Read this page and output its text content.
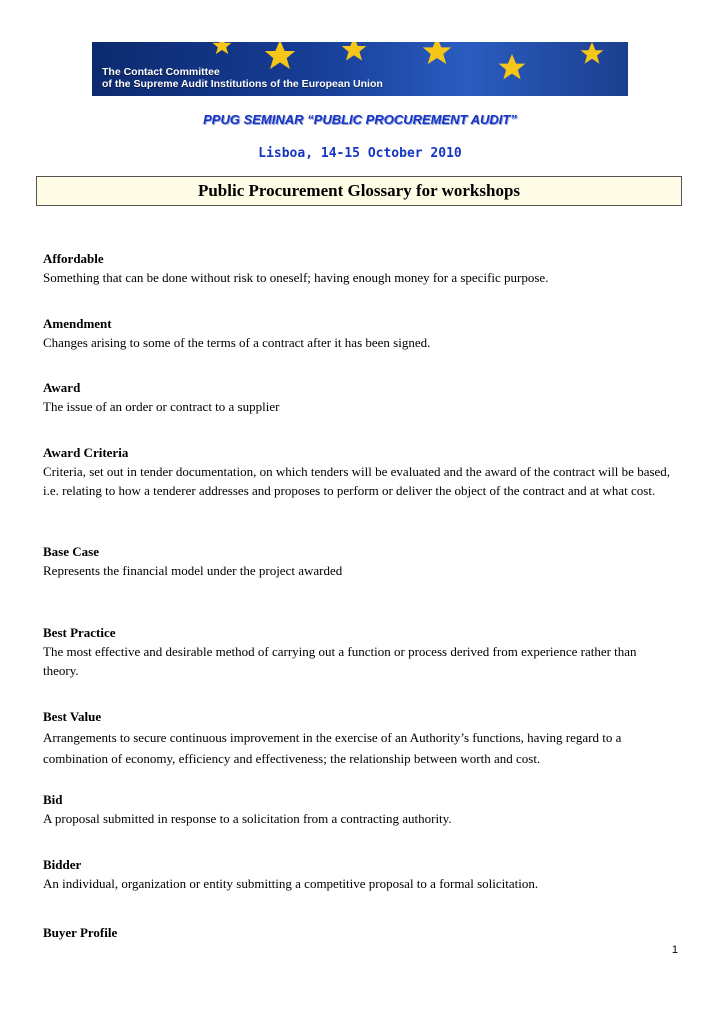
The Contact Committee
of the Supreme Audit Institutions of the European Union
PPUG SEMINAR “PUBLIC PROCUREMENT AUDIT”
Lisboa, 14-15 October 2010
Public Procurement Glossary for workshops
Affordable
Something that can be done without risk to oneself; having enough money for a specific purpose.
Amendment
Changes arising to some of the terms of a contract after it has been signed.
Award
The issue of an order or contract to a supplier
Award Criteria
Criteria, set out in tender documentation, on which tenders will be evaluated and the award of the contract will be based, i.e. relating to how a tenderer addresses and proposes to perform or deliver the object of the contract and at what cost.
Base Case
Represents the financial model under the project awarded
Best Practice
The most effective and desirable method of carrying out a function or process derived from experience rather than theory.
Best Value
Arrangements to secure continuous improvement in the exercise of an Authority’s functions, having regard to a combination of economy, efficiency and effectiveness; the relationship between worth and cost.
Bid
A proposal submitted in response to a solicitation from a contracting authority.
Bidder
An individual, organization or entity submitting a competitive proposal to a formal solicitation.
Buyer Profile
1
